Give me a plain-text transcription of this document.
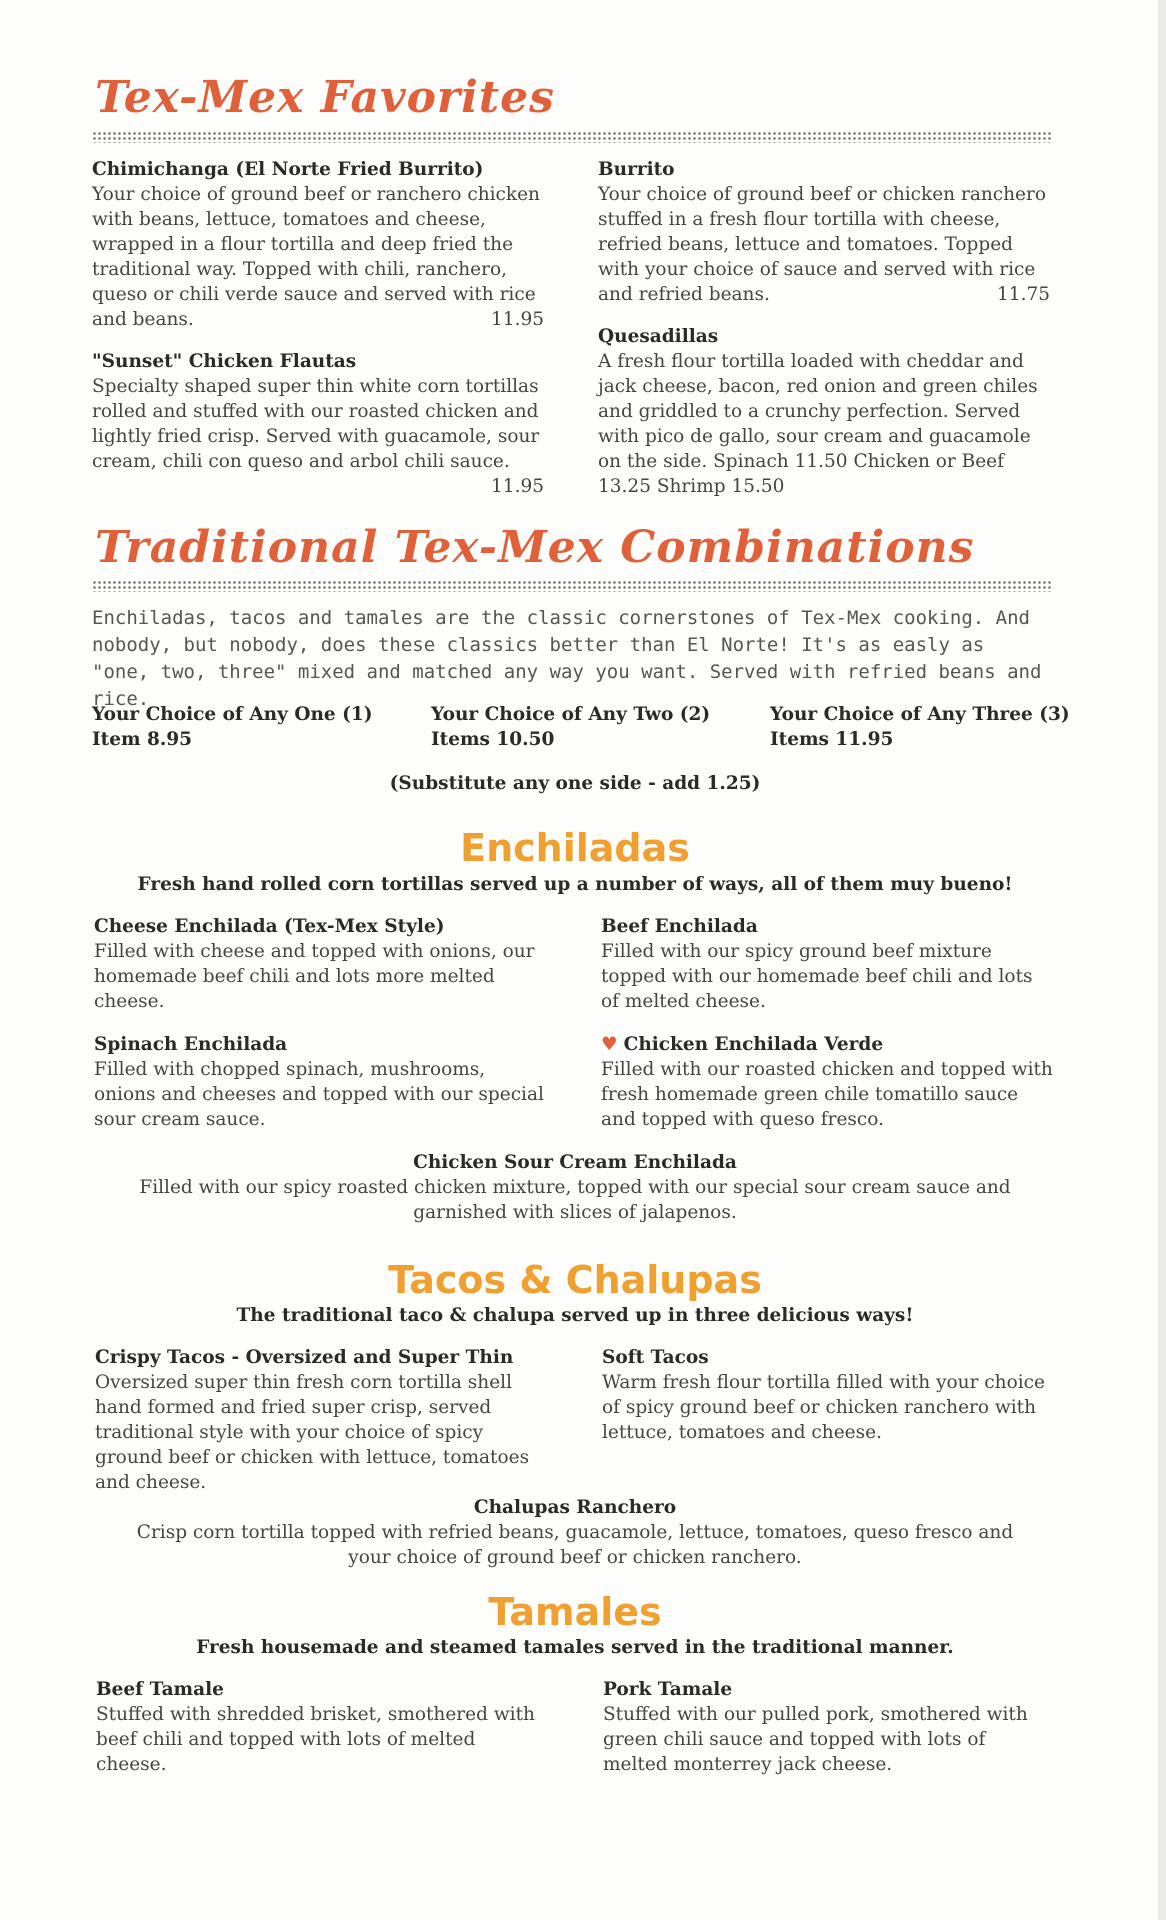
Tex-Mex Favorites

Chimichanga (El Norte Fried Burrito)

Your choice of ground beef or ranchero chicken with beans, lettuce, tomatoes and cheese, wrapped in a flour tortilla and deep fried the traditional way. Topped with chili, ranchero, queso or chili verde sauce and served with rice and beans.	11.95

"Sunset" Chicken Flautas

Specialty shaped super thin white corn tortillas rolled and stuffed with our roasted chicken and lightly fried crisp. Served with guacamole, sour cream, chili con queso and arbol chili sauce.
11.95

Burrito

Your choice of ground beef or chicken ranchero stuffed in a fresh flour tortilla with cheese, refried beans, lettuce and tomatoes. Topped with your choice of sauce and served with rice and refried beans.	11.75

Quesadillas

A fresh flour tortilla loaded with cheddar and jack cheese, bacon, red onion and green chiles and griddled to a crunchy perfection. Served with pico de gallo, sour cream and guacamole on the side. Spinach 11.50 Chicken or Beef 13.25 Shrimp 15.50

Traditional Tex-Mex Combinations

Enchiladas, tacos and tamales are the classic cornerstones of Tex-Mex cooking. And nobody, but nobody, does these classics better than El Norte! It's as easly as "one, two, three" mixed and matched any way you want. Served with refried beans and rice.

Your Choice of Any One (1)

Item 8.95

Your Choice of Any Two (2)

Items 10.50

Your Choice of Any Three (3)

Items 11.95

(Substitute any one side - add 1.25)

Enchiladas

Fresh hand rolled corn tortillas served up a number of ways, all of them muy bueno!

Cheese Enchilada (Tex-Mex Style)

Filled with cheese and topped with onions, our homemade beef chili and lots more melted cheese.

Spinach Enchilada

Filled with chopped spinach, mushrooms, onions and cheeses and topped with our special sour cream sauce.

Beef Enchilada

Filled with our spicy ground beef mixture topped with our homemade beef chili and lots of melted cheese.

♥ Chicken Enchilada Verde

Filled with our roasted chicken and topped with fresh homemade green chile tomatillo sauce and topped with queso fresco.

Chicken Sour Cream Enchilada

Filled with our spicy roasted chicken mixture, topped with our special sour cream sauce and garnished with slices of jalapenos.

Tacos & Chalupas

The traditional taco & chalupa served up in three delicious ways!

Crispy Tacos - Oversized and Super Thin

Oversized super thin fresh corn tortilla shell hand formed and fried super crisp, served traditional style with your choice of spicy ground beef or chicken with lettuce, tomatoes and cheese.

Soft Tacos

Warm fresh flour tortilla filled with your choice of spicy ground beef or chicken ranchero with lettuce, tomatoes and cheese.

Chalupas Ranchero

Crisp corn tortilla topped with refried beans, guacamole, lettuce, tomatoes, queso fresco and your choice of ground beef or chicken ranchero.

Tamales

Fresh housemade and steamed tamales served in the traditional manner.

Beef Tamale

Stuffed with shredded brisket, smothered with beef chili and topped with lots of melted cheese.

Pork Tamale

Stuffed with our pulled pork, smothered with green chili sauce and topped with lots of melted monterrey jack cheese.
